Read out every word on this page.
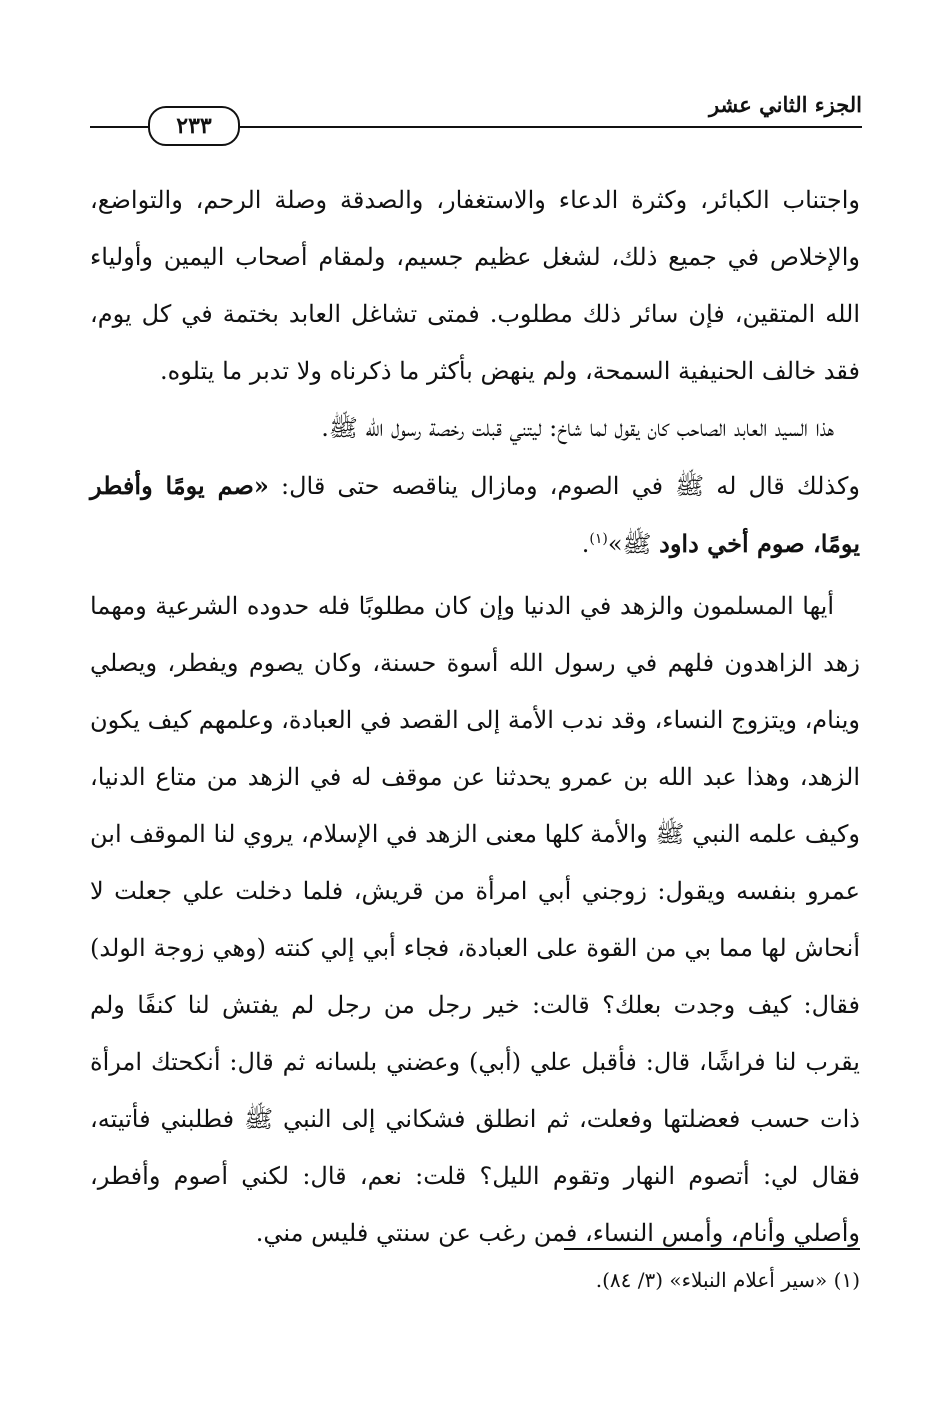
الجزء الثاني عشر
٢٣٣

واجتناب الكبائر، وكثرة الدعاء والاستغفار، والصدقة وصلة الرحم، والتواضع، والإخلاص في جميع ذلك، لشغل عظيم جسيم، ولمقام أصحاب اليمين وأولياء الله المتقين، فإن سائر ذلك مطلوب. فمتى تشاغل العابد بختمة في كل يوم، فقد خالف الحنيفية السمحة، ولم ينهض بأكثر ما ذكرناه ولا تدبر ما يتلوه.

هذا السيد العابد الصاحب كان يقول لما شاخ: ليتني قبلت رخصة رسول الله ﷺ.

وكذلك قال له ﷺ في الصوم، ومازال يناقصه حتى قال: «صم يومًا وأفطر يومًا، صوم أخي داود ﷺ»$^{(١)}$.

أيها المسلمون والزهد في الدنيا وإن كان مطلوبًا فله حدوده الشرعية ومهما زهد الزاهدون فلهم في رسول الله أسوة حسنة، وكان يصوم ويفطر، ويصلي وينام، ويتزوج النساء، وقد ندب الأمة إلى القصد في العبادة، وعلمهم كيف يكون الزهد، وهذا عبد الله بن عمرو يحدثنا عن موقف له في الزهد من متاع الدنيا، وكيف علمه النبي ﷺ والأمة كلها معنى الزهد في الإسلام، يروي لنا الموقف ابن عمرو بنفسه ويقول: زوجني أبي امرأة من قريش، فلما دخلت علي جعلت لا أنحاش لها مما بي من القوة على العبادة، فجاء أبي إلي كنته (وهي زوجة الولد) فقال: كيف وجدت بعلك؟ قالت: خير رجل من رجل لم يفتش لنا كنفًا ولم يقرب لنا فراشًا، قال: فأقبل علي (أبي) وعضني بلسانه ثم قال: أنكحتك امرأة ذات حسب فعضلتها وفعلت، ثم انطلق فشكاني إلى النبي ﷺ فطلبني فأتيته، فقال لي: أتصوم النهار وتقوم الليل؟ قلت: نعم، قال: لكني أصوم وأفطر، وأصلي وأنام، وأمس النساء، فمن رغب عن سنتي فليس مني.

(١) «سير أعلام النبلاء» (٣/ ٨٤).
